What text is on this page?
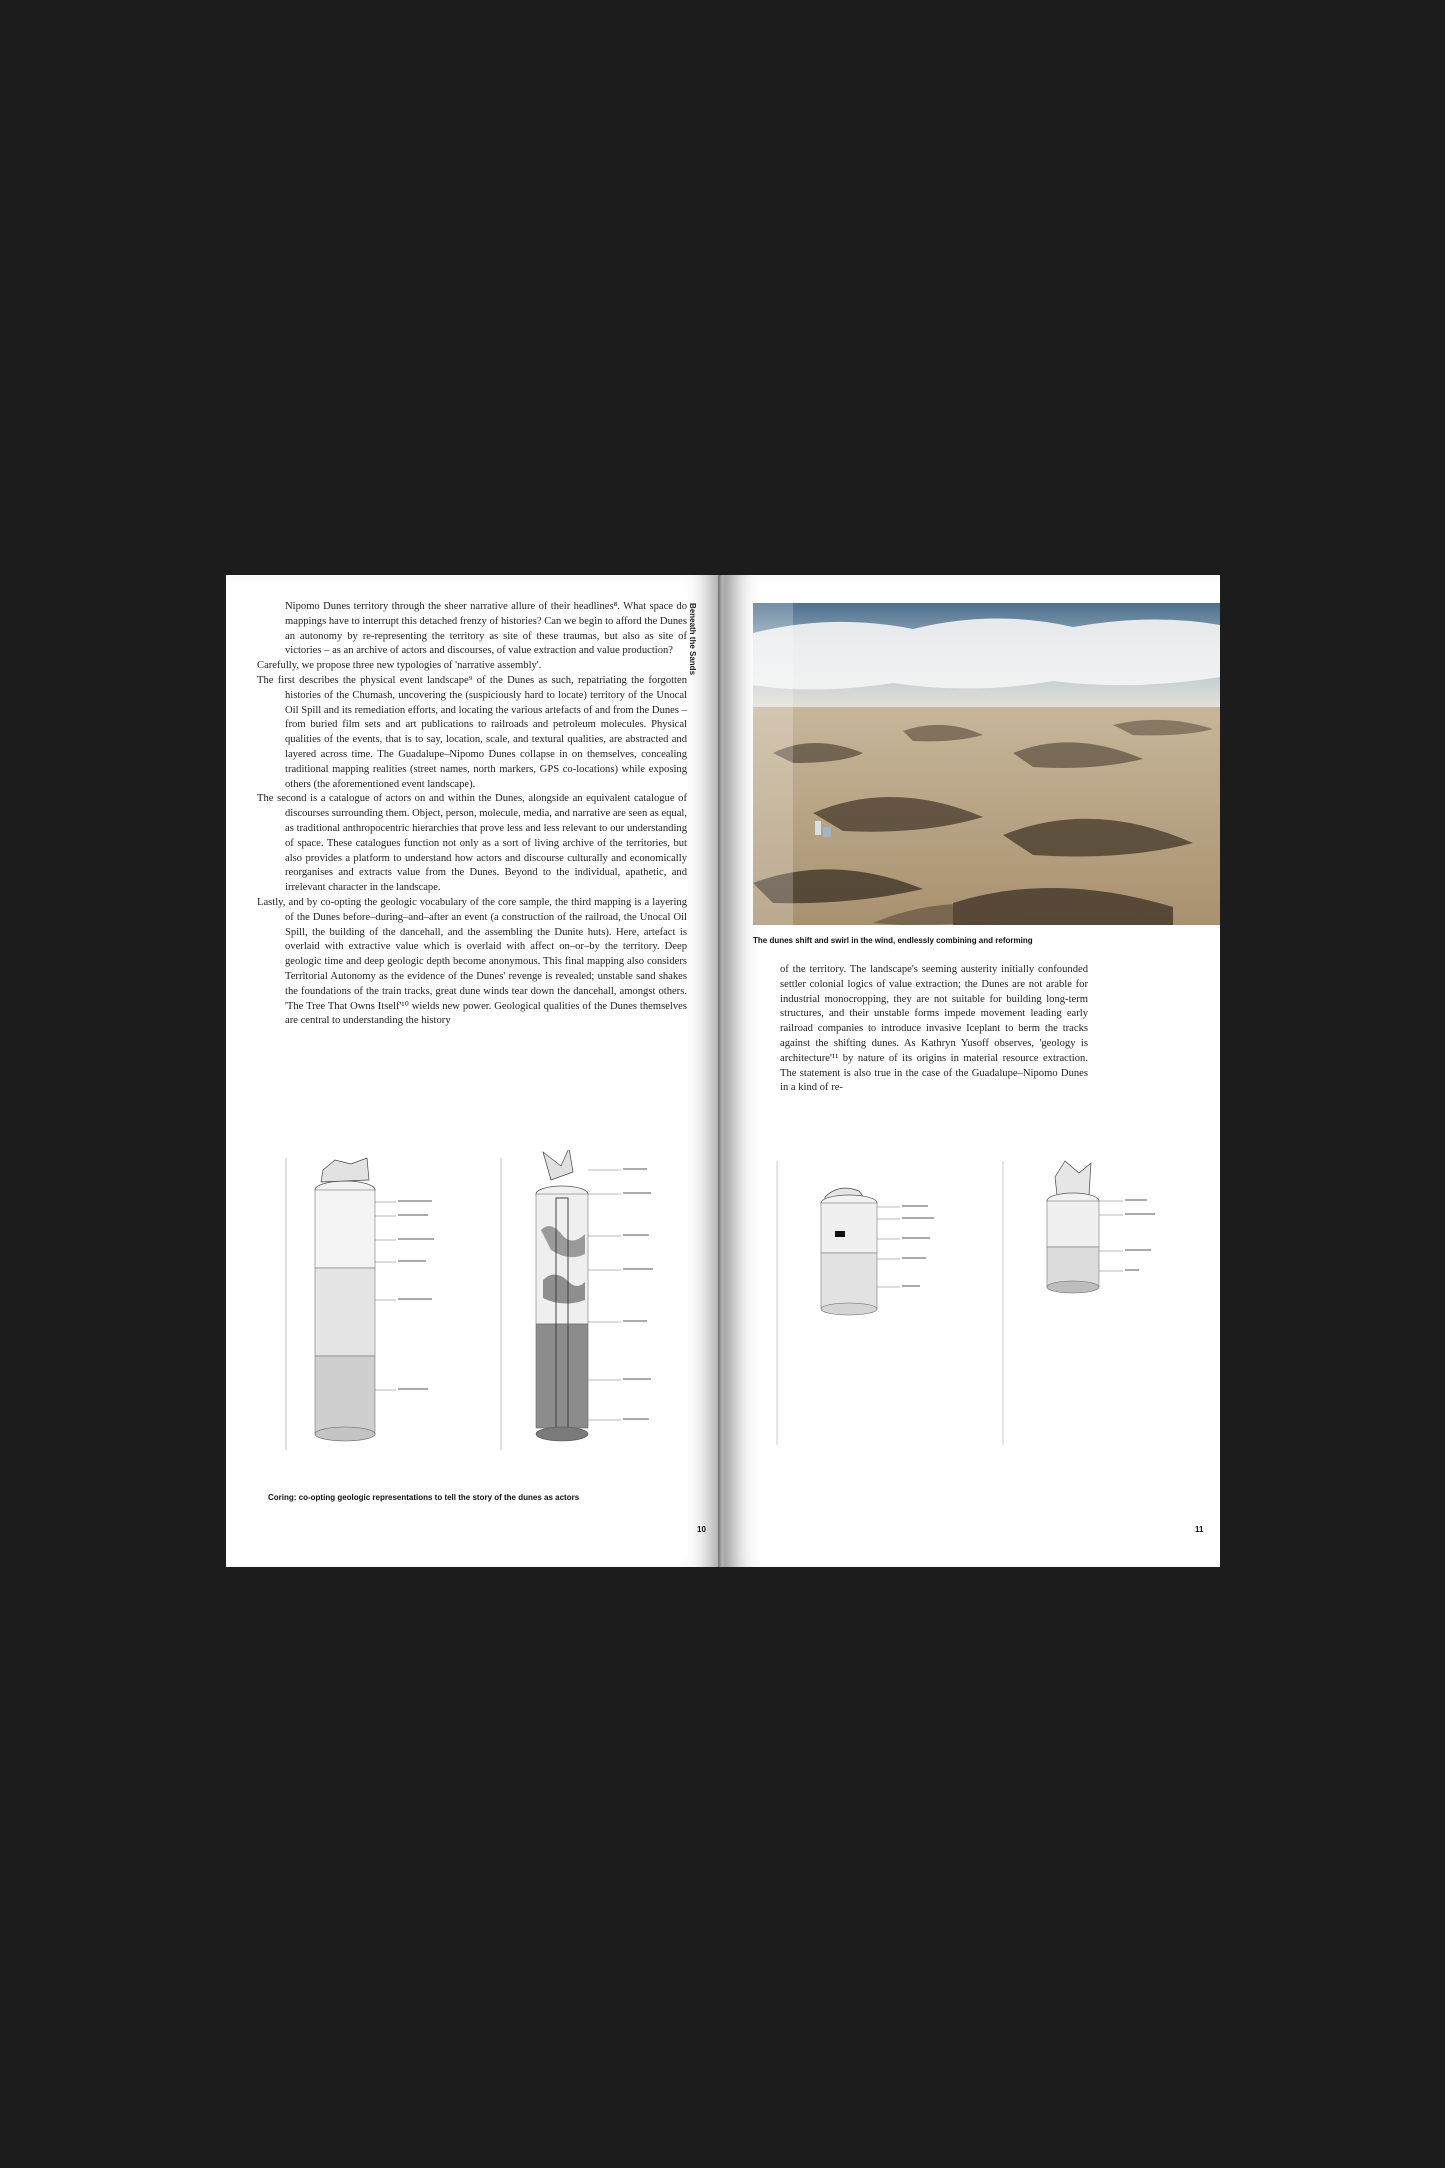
Beneath the Sands

Nipomo Dunes territory through the sheer narrative allure of their headlines⁸. What space do mappings have to interrupt this detached frenzy of histories? Can we begin to afford the Dunes an autonomy by re-representing the territory as site of these traumas, but also as site of victories – as an archive of actors and discourses, of value extraction and value production?

Carefully, we propose three new typologies of 'narrative assembly'.

The first describes the physical event landscape⁹ of the Dunes as such, repatriating the forgotten histories of the Chumash, uncovering the (suspiciously hard to locate) territory of the Unocal Oil Spill and its remediation efforts, and locating the various artefacts of and from the Dunes – from buried film sets and art publications to railroads and petroleum molecules. Physical qualities of the events, that is to say, location, scale, and textural qualities, are abstracted and layered across time. The Guadalupe–Nipomo Dunes collapse in on themselves, concealing traditional mapping realities (street names, north markers, GPS co-locations) while exposing others (the aforementioned event landscape).

The second is a catalogue of actors on and within the Dunes, alongside an equivalent catalogue of discourses surrounding them. Object, person, molecule, media, and narrative are seen as equal, as traditional anthropocentric hierarchies that prove less and less relevant to our understanding of space. These catalogues function not only as a sort of living archive of the territories, but also provides a platform to understand how actors and discourse culturally and economically reorganises and extracts value from the Dunes. Beyond to the individual, apathetic, and irrelevant character in the landscape.

Lastly, and by co-opting the geologic vocabulary of the core sample, the third mapping is a layering of the Dunes before–during–and–after an event (a construction of the railroad, the Unocal Oil Spill, the building of the dancehall, and the assembling the Dunite huts). Here, artefact is overlaid with extractive value which is overlaid with affect on–or–by the territory. Deep geologic time and deep geologic depth become anonymous. This final mapping also considers Territorial Autonomy as the evidence of the Dunes' revenge is revealed; unstable sand shakes the foundations of the train tracks, great dune winds tear down the dancehall, amongst others. 'The Tree That Owns Itself'¹⁰ wields new power. Geological qualities of the Dunes themselves are central to understanding the history

Coring: co-opting geologic representations to tell the story of the dunes as actors
10
The dunes shift and swirl in the wind, endlessly combining and reforming

of the territory. The landscape's seeming austerity initially confounded settler colonial logics of value extraction; the Dunes are not arable for industrial monocropping, they are not suitable for building long-term structures, and their unstable forms impede movement leading early railroad companies to introduce invasive Iceplant to berm the tracks against the shifting dunes. As Kathryn Yusoff observes, 'geology is architecture'¹¹ by nature of its origins in material resource extraction. The statement is also true in the case of the Guadalupe–Nipomo Dunes in a kind of re-

11
